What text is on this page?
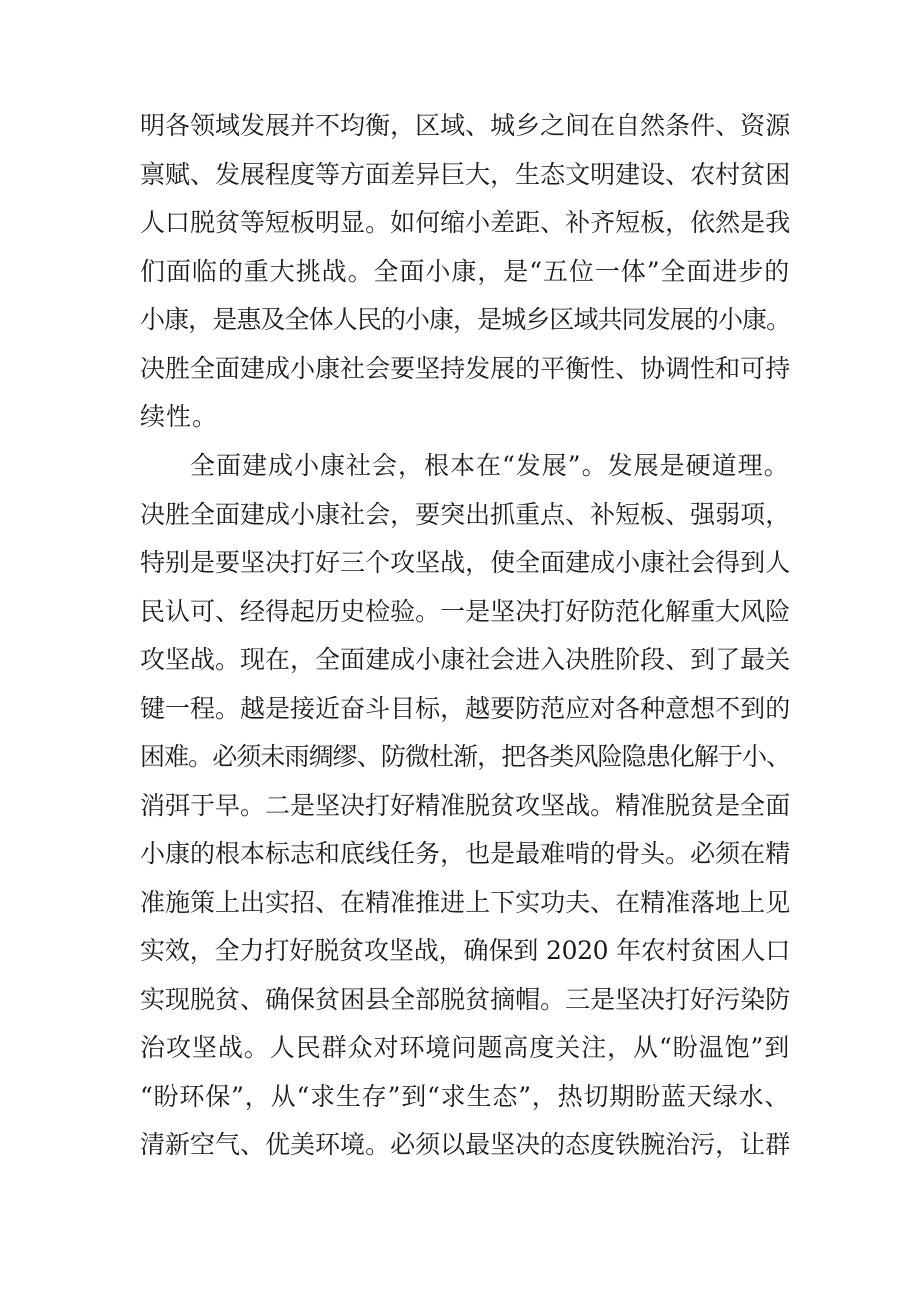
明各领域发展并不均衡，区域、城乡之间在自然条件、资源
禀赋、发展程度等方面差异巨大，生态文明建设、农村贫困
人口脱贫等短板明显。如何缩小差距、补齐短板，依然是我
们面临的重大挑战。全面小康，是“五位一体”全面进步的
小康，是惠及全体人民的小康，是城乡区域共同发展的小康。
决胜全面建成小康社会要坚持发展的平衡性、协调性和可持
续性。
全面建成小康社会，根本在“发展”。发展是硬道理。
决胜全面建成小康社会，要突出抓重点、补短板、强弱项，
特别是要坚决打好三个攻坚战，使全面建成小康社会得到人
民认可、经得起历史检验。一是坚决打好防范化解重大风险
攻坚战。现在，全面建成小康社会进入决胜阶段、到了最关
键一程。越是接近奋斗目标，越要防范应对各种意想不到的
困难。必须未雨绸缪、防微杜渐，把各类风险隐患化解于小、
消弭于早。二是坚决打好精准脱贫攻坚战。精准脱贫是全面
小康的根本标志和底线任务，也是最难啃的骨头。必须在精
准施策上出实招、在精准推进上下实功夫、在精准落地上见
实效，全力打好脱贫攻坚战，确保到 2020 年农村贫困人口
实现脱贫、确保贫困县全部脱贫摘帽。三是坚决打好污染防
治攻坚战。人民群众对环境问题高度关注，从“盼温饱”到
“盼环保”，从“求生存”到“求生态”，热切期盼蓝天绿水、
清新空气、优美环境。必须以最坚决的态度铁腕治污，让群
